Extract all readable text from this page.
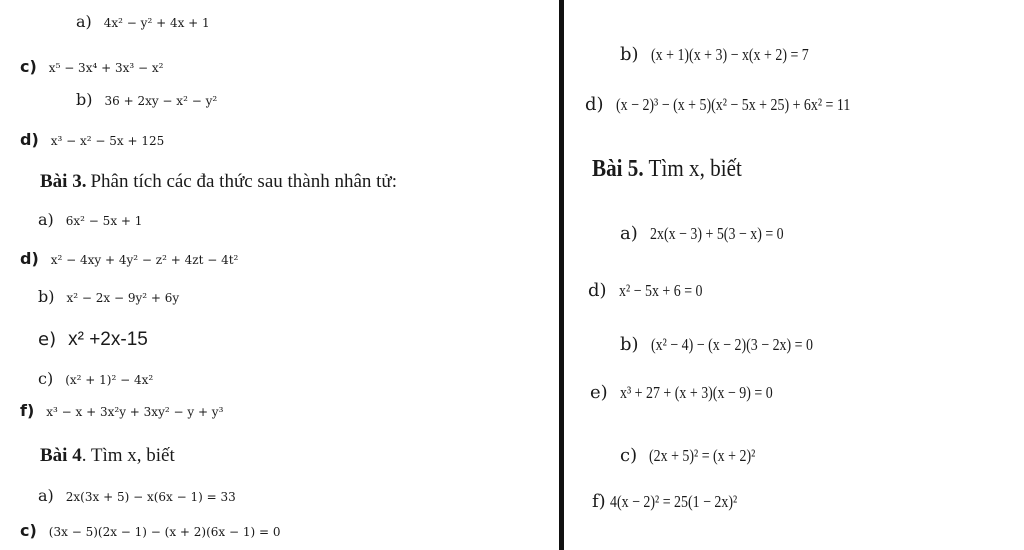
a) 4x² − y² + 4x + 1
c) x⁵ − 3x⁴ + 3x³ − x²
b) 36 + 2xy − x² − y²
d) x³ − x² − 5x + 125
Bài 3. Phân tích các đa thức sau thành nhân tử:
a) 6x² − 5x + 1
d) x² − 4xy + 4y² − z² + 4zt − 4t²
b) x² − 2x − 9y² + 6y
e) x² +2x-15
c) (x² + 1)² − 4x²
f) x³ − x + 3x²y + 3xy² − y + y³
Bài 4. Tìm x, biết
a) 2x(3x + 5) − x(6x − 1) = 33
c) (3x − 5)(2x − 1) − (x + 2)(6x − 1) = 0
b) (x + 1)(x + 3) − x(x + 2) = 7
d) (x − 2)³ − (x + 5)(x² − 5x + 25) + 6x² = 11
Bài 5. Tìm x, biết
a) 2x(x − 3) + 5(3 − x) = 0
d) x² − 5x + 6 = 0
b) (x² − 4) − (x − 2)(3 − 2x) = 0
e) x³ + 27 + (x + 3)(x − 9) = 0
c) (2x + 5)² = (x + 2)²
f) 4(x − 2)² = 25(1 − 2x)²
